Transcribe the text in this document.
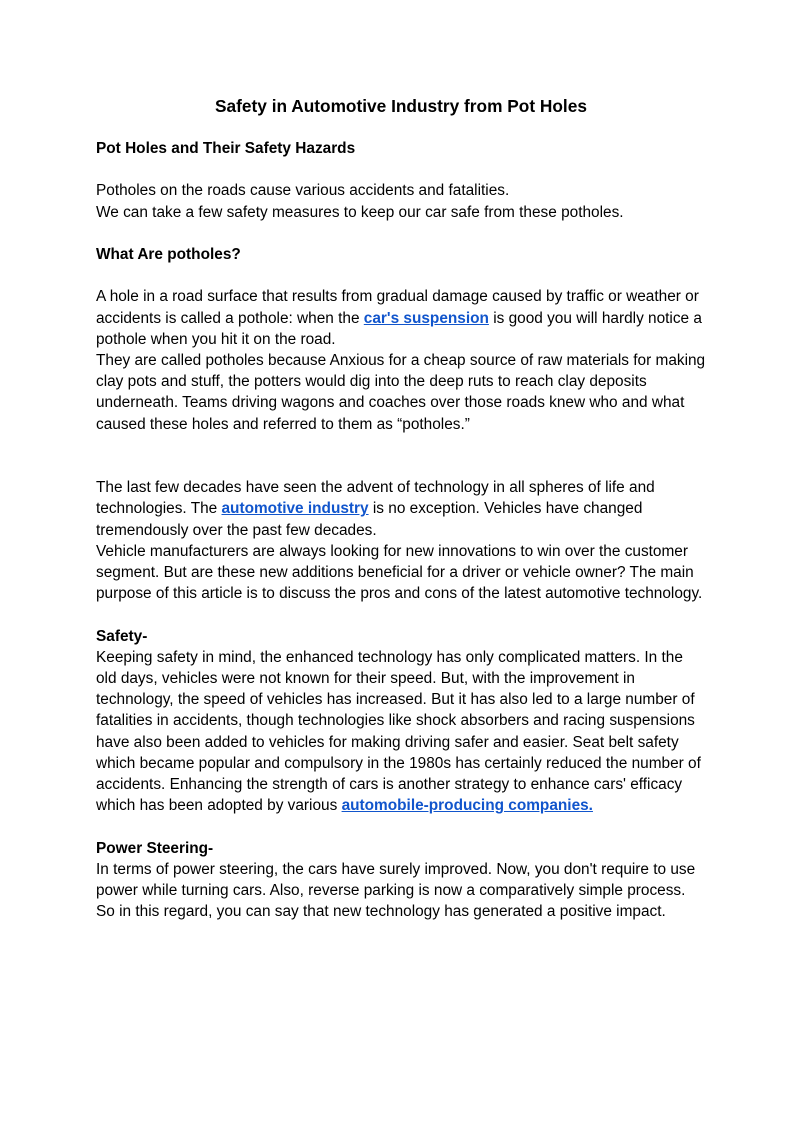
Safety in Automotive Industry from Pot Holes

Pot Holes and Their Safety Hazards

Potholes on the roads cause various accidents and fatalities.

We can take a few safety measures to keep our car safe from these potholes.

What Are potholes?

A hole in a road surface that results from gradual damage caused by traffic or weather or accidents is called a pothole: when the car's suspension is good you will hardly notice a pothole when you hit it on the road.

They are called potholes because Anxious for a cheap source of raw materials for making clay pots and stuff, the potters would dig into the deep ruts to reach clay deposits underneath. Teams driving wagons and coaches over those roads knew who and what caused these holes and referred to them as “potholes.”

The last few decades have seen the advent of technology in all spheres of life and technologies. The automotive industry is no exception. Vehicles have changed tremendously over the past few decades.

Vehicle manufacturers are always looking for new innovations to win over the customer segment. But are these new additions beneficial for a driver or vehicle owner? The main purpose of this article is to discuss the pros and cons of the latest automotive technology.

Safety-

Keeping safety in mind, the enhanced technology has only complicated matters. In the old days, vehicles were not known for their speed. But, with the improvement in technology, the speed of vehicles has increased. But it has also led to a large number of fatalities in accidents, though technologies like shock absorbers and racing suspensions have also been added to vehicles for making driving safer and easier. Seat belt safety which became popular and compulsory in the 1980s has certainly reduced the number of accidents. Enhancing the strength of cars is another strategy to enhance cars' efficacy which has been adopted by various automobile-producing companies.

Power Steering-

In terms of power steering, the cars have surely improved. Now, you don't require to use power while turning cars. Also, reverse parking is now a comparatively simple process. So in this regard, you can say that new technology has generated a positive impact.
